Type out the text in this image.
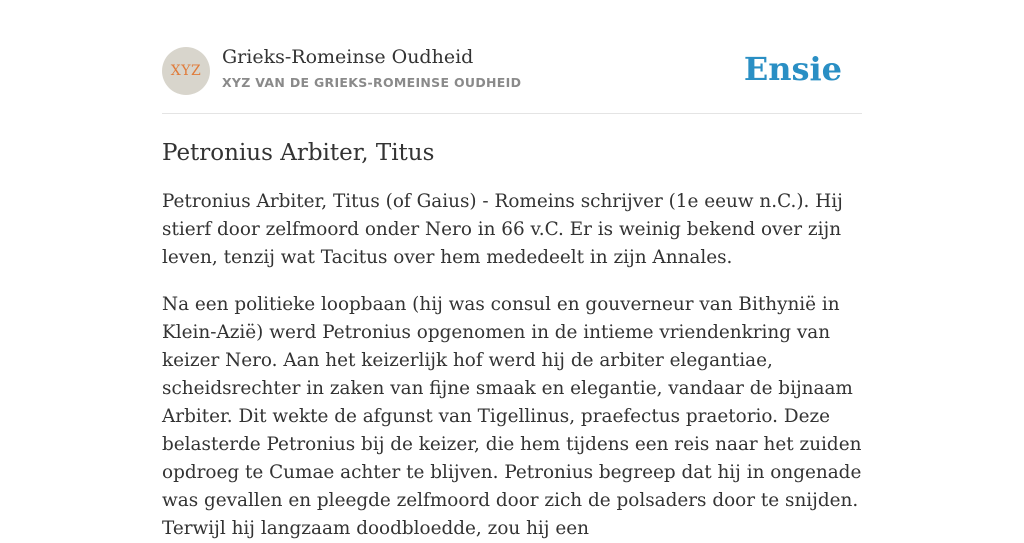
XYZ
Grieks-Romeinse Oudheid
XYZ VAN DE GRIEKS-ROMEINSE OUDHEID	Ensie
Petronius Arbiter, Titus

Petronius Arbiter, Titus (of Gaius) - Romeins schrijver (1e eeuw n.C.). Hij stierf door zelfmoord onder Nero in 66 v.C. Er is weinig bekend over zijn leven, tenzij wat Tacitus over hem mededeelt in zijn Annales.

Na een politieke loopbaan (hij was consul en gouverneur van Bithynië in Klein-Azië) werd Petronius opgenomen in de intieme vriendenkring van keizer Nero. Aan het keizerlijk hof werd hij de arbiter elegantiae, scheidsrechter in zaken van fijne smaak en elegantie, vandaar de bijnaam Arbiter. Dit wekte de afgunst van Tigellinus, praefectus praetorio. Deze belasterde Petronius bij de keizer, die hem tijdens een reis naar het zuiden opdroeg te Cumae achter te blijven. Petronius begreep dat hij in ongenade was gevallen en pleegde zelfmoord door zich de polsaders door te snijden. Terwijl hij langzaam doodbloedde, zou hij een
